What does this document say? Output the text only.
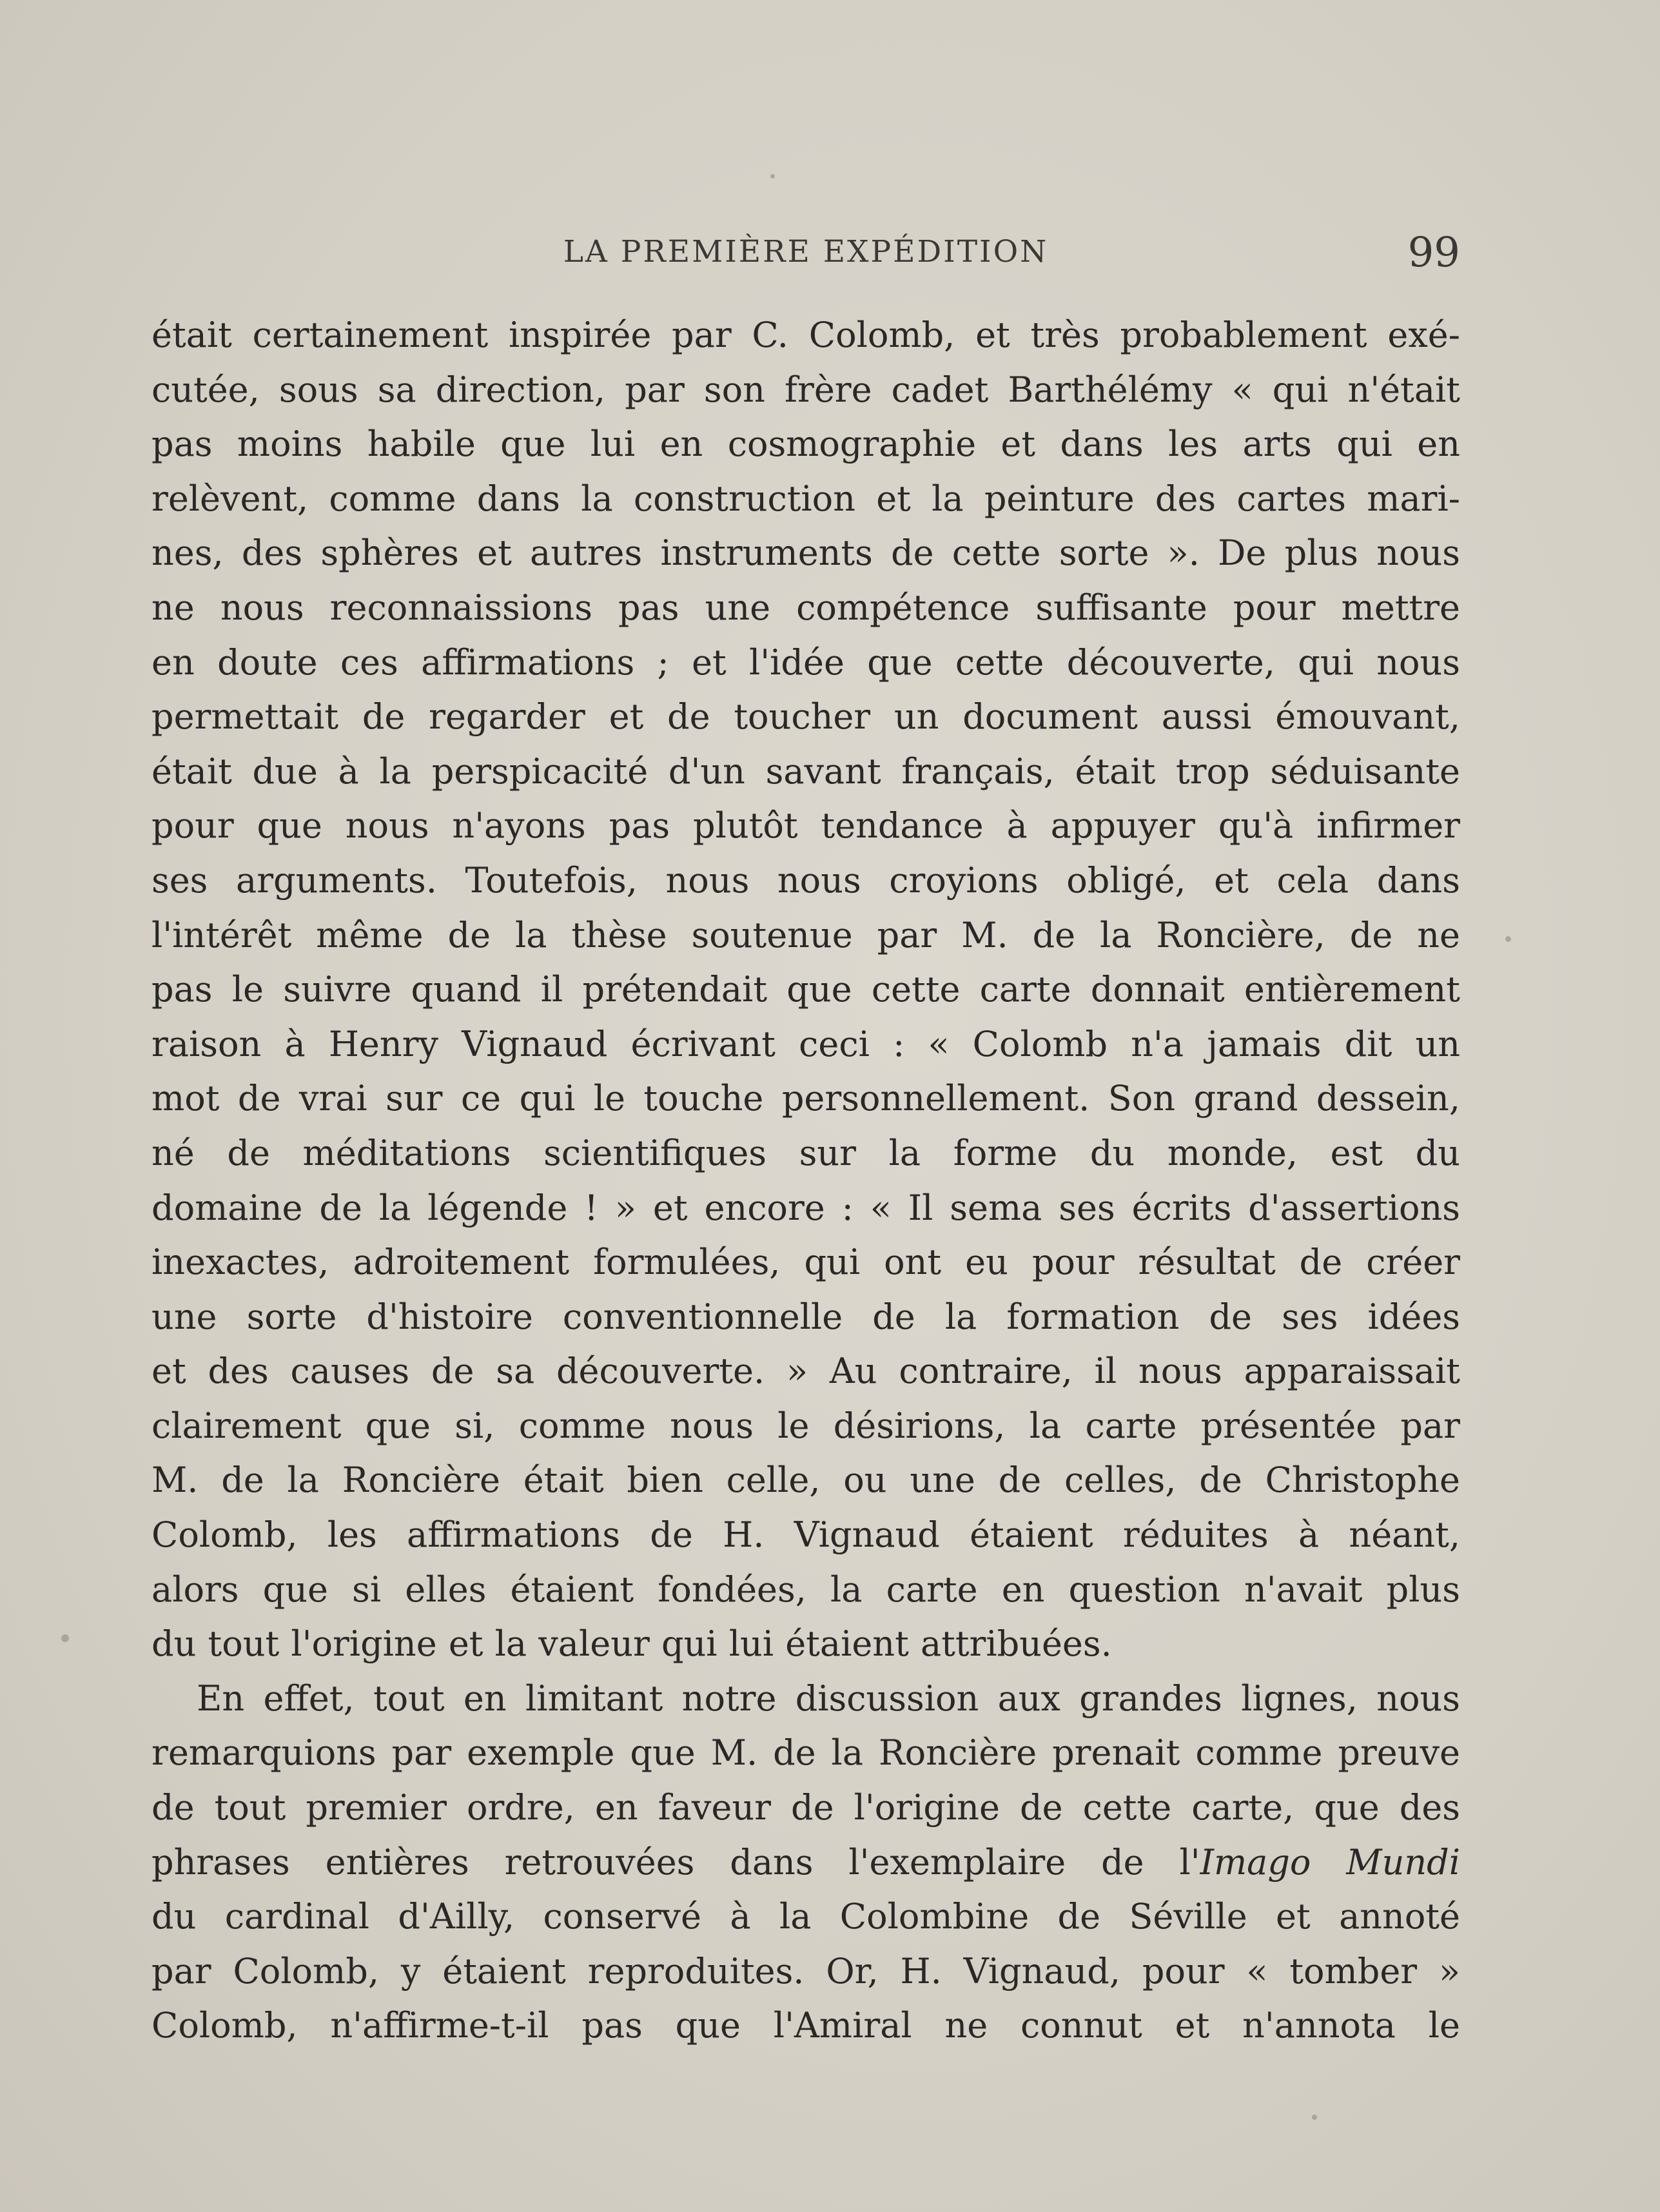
LA PREMIÈRE EXPÉDITION	99

était certainement inspirée par C. Colomb, et très probablement exé-
cutée, sous sa direction, par son frère cadet Barthélémy « qui n'était
pas moins habile que lui en cosmographie et dans les arts qui en
relèvent, comme dans la construction et la peinture des cartes mari-
nes, des sphères et autres instruments de cette sorte ». De plus nous
ne nous reconnaissions pas une compétence suffisante pour mettre
en doute ces affirmations ; et l'idée que cette découverte, qui nous
permettait de regarder et de toucher un document aussi émouvant,
était due à la perspicacité d'un savant français, était trop séduisante
pour que nous n'ayons pas plutôt tendance à appuyer qu'à infirmer
ses arguments. Toutefois, nous nous croyions obligé, et cela dans
l'intérêt même de la thèse soutenue par M. de la Roncière, de ne
pas le suivre quand il prétendait que cette carte donnait entièrement
raison à Henry Vignaud écrivant ceci : « Colomb n'a jamais dit un
mot de vrai sur ce qui le touche personnellement. Son grand dessein,
né de méditations scientifiques sur la forme du monde, est du
domaine de la légende ! » et encore : « Il sema ses écrits d'assertions
inexactes, adroitement formulées, qui ont eu pour résultat de créer
une sorte d'histoire conventionnelle de la formation de ses idées
et des causes de sa découverte. » Au contraire, il nous apparaissait
clairement que si, comme nous le désirions, la carte présentée par
M. de la Roncière était bien celle, ou une de celles, de Christophe
Colomb, les affirmations de H. Vignaud étaient réduites à néant,
alors que si elles étaient fondées, la carte en question n'avait plus
du tout l'origine et la valeur qui lui étaient attribuées.

En effet, tout en limitant notre discussion aux grandes lignes, nous
remarquions par exemple que M. de la Roncière prenait comme preuve
de tout premier ordre, en faveur de l'origine de cette carte, que des
phrases entières retrouvées dans l'exemplaire de l'Imago Mundi
du cardinal d'Ailly, conservé à la Colombine de Séville et annoté
par Colomb, y étaient reproduites. Or, H. Vignaud, pour « tomber »
Colomb, n'affirme-t-il pas que l'Amiral ne connut et n'annota le
